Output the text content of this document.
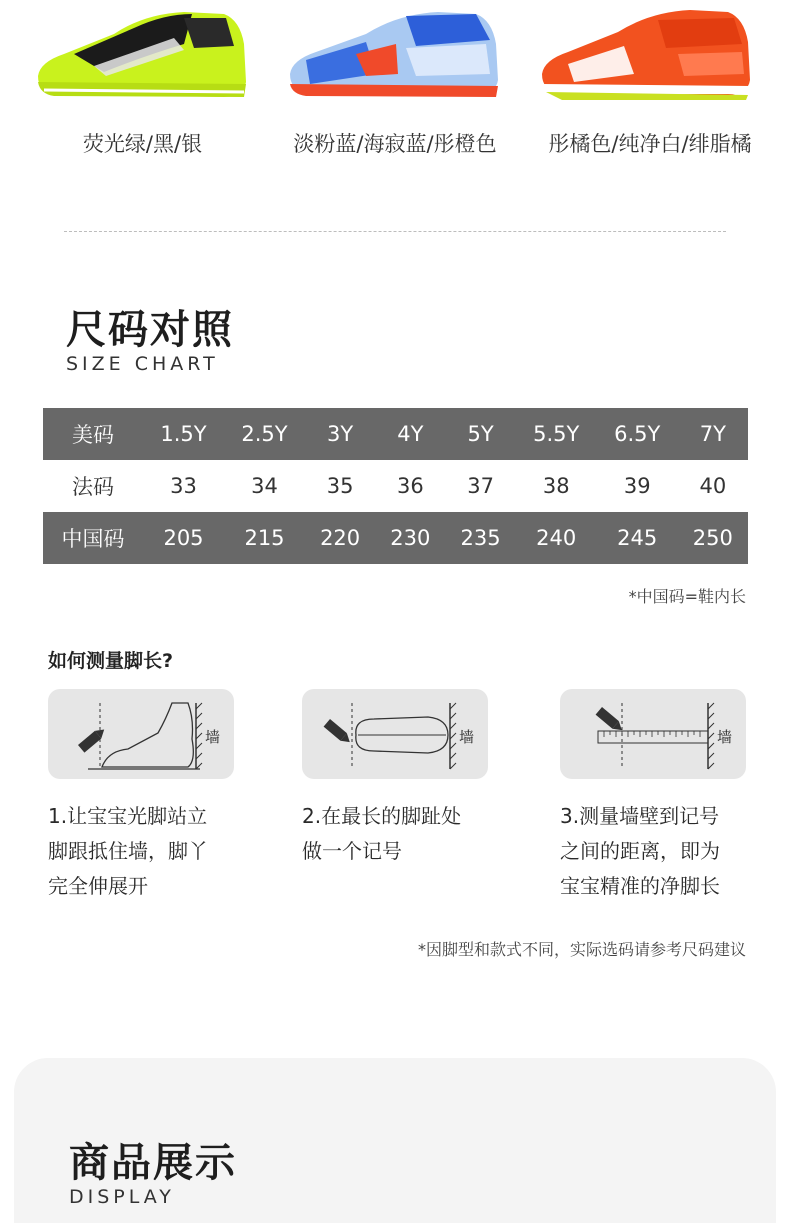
荧光绿/黑/银	淡粉蓝/海寂蓝/彤橙色	彤橘色/纯净白/绯脂橘
尺码对照
SIZE CHART
美码	1.5Y	2.5Y	3Y	4Y	5Y	5.5Y	6.5Y	7Y
法码	33	34	35	36	37	38	39	40
中国码	205	215	220	230	235	240	245	250
*中国码=鞋内长
如何测量脚长?
墙	墙	墙
1.让宝宝光脚站立
脚跟抵住墙，脚丫
完全伸展开
2.在最长的脚趾处
做一个记号
3.测量墙壁到记号
之间的距离，即为
宝宝精准的净脚长
*因脚型和款式不同，实际选码请参考尺码建议
商品展示
DISPLAY
